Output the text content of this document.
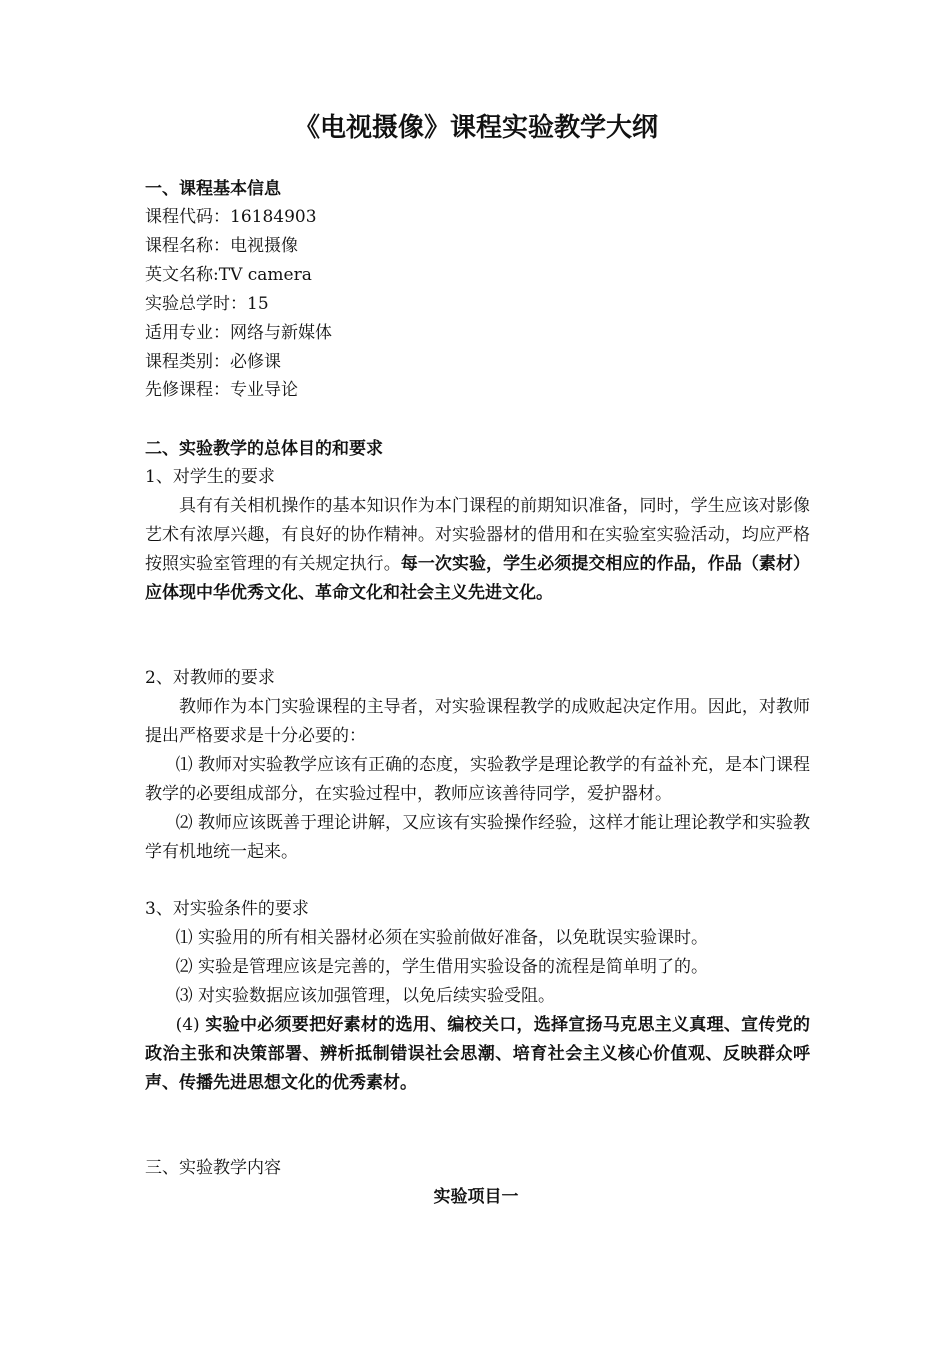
《电视摄像》课程实验教学大纲
一、课程基本信息
课程代码：16184903
课程名称：电视摄像
英文名称:TV camera
实验总学时：15
适用专业：网络与新媒体
课程类别：必修课
先修课程：专业导论
二、实验教学的总体目的和要求
1、对学生的要求
具有有关相机操作的基本知识作为本门课程的前期知识准备，同时，学生应该对影像艺术有浓厚兴趣，有良好的协作精神。对实验器材的借用和在实验室实验活动，均应严格按照实验室管理的有关规定执行。每一次实验，学生必须提交相应的作品，作品（素材）应体现中华优秀文化、革命文化和社会主义先进文化。
2、对教师的要求
教师作为本门实验课程的主导者，对实验课程教学的成败起决定作用。因此，对教师提出严格要求是十分必要的：
⑴ 教师对实验教学应该有正确的态度，实验教学是理论教学的有益补充，是本门课程教学的必要组成部分，在实验过程中，教师应该善待同学，爱护器材。
⑵ 教师应该既善于理论讲解，又应该有实验操作经验，这样才能让理论教学和实验教学有机地统一起来。
3、对实验条件的要求
⑴ 实验用的所有相关器材必须在实验前做好准备，以免耽误实验课时。
⑵ 实验是管理应该是完善的，学生借用实验设备的流程是简单明了的。
⑶ 对实验数据应该加强管理，以免后续实验受阻。
(4) 实验中必须要把好素材的选用、编校关口，选择宣扬马克思主义真理、宣传党的政治主张和决策部署、辨析抵制错误社会思潮、培育社会主义核心价值观、反映群众呼声、传播先进思想文化的优秀素材。
三、实验教学内容
实验项目一
